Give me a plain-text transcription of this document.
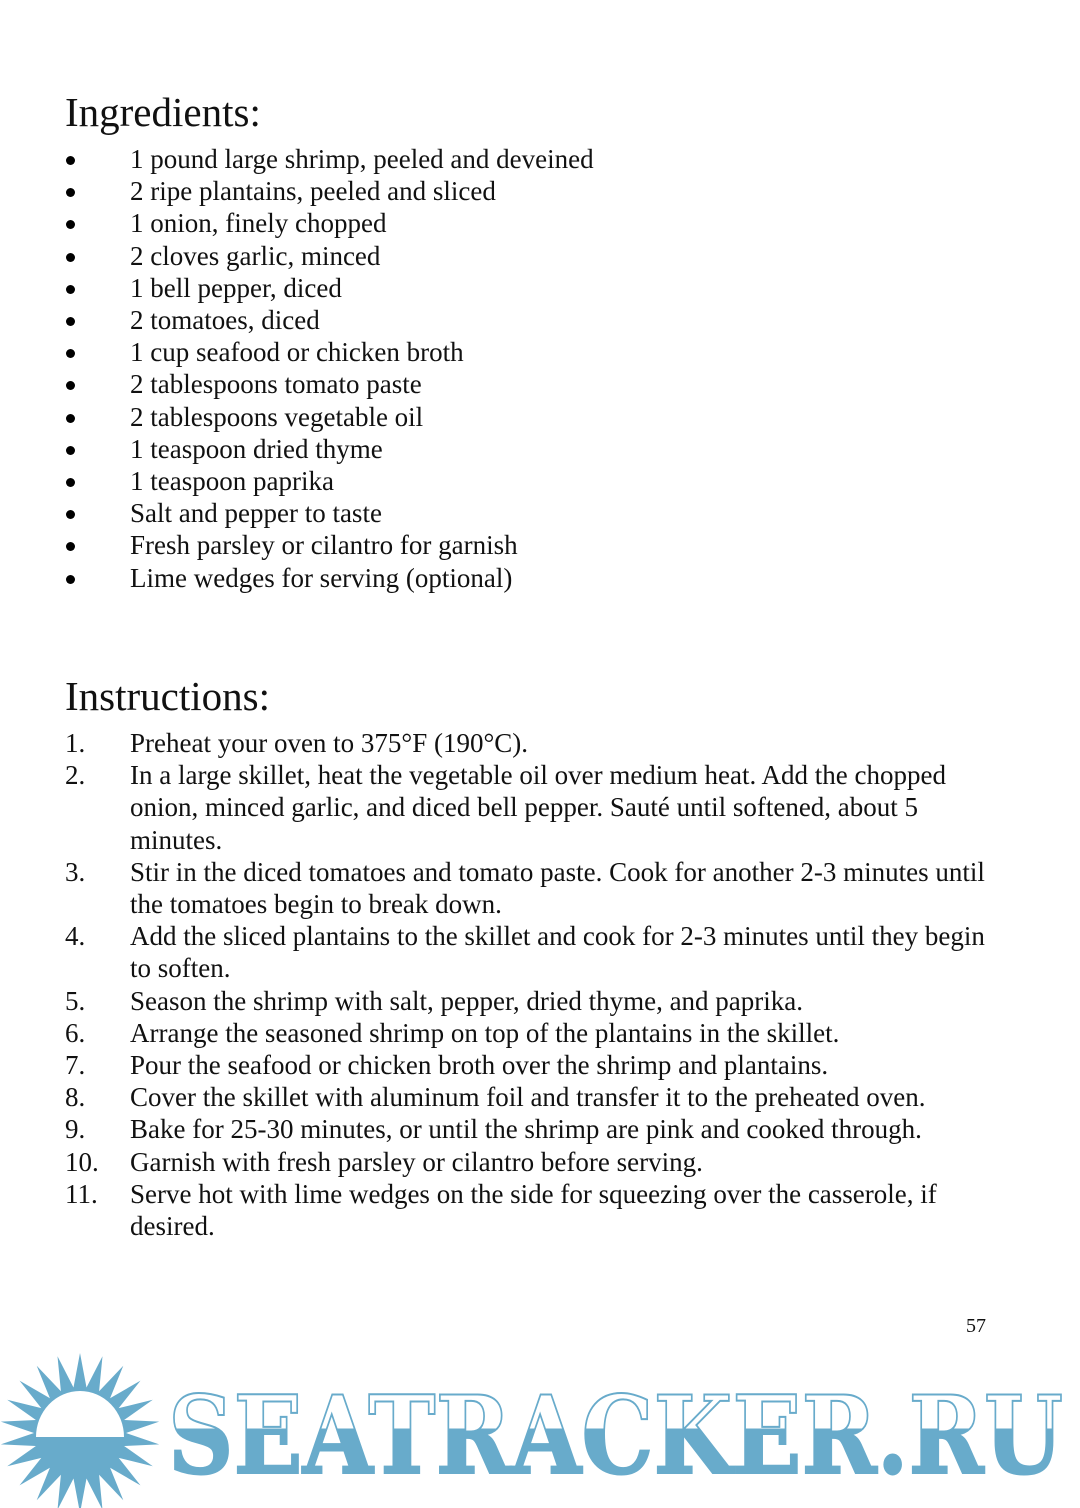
Ingredients:
1 pound large shrimp, peeled and deveined
2 ripe plantains, peeled and sliced
1 onion, finely chopped
2 cloves garlic, minced
1 bell pepper, diced
2 tomatoes, diced
1 cup seafood or chicken broth
2 tablespoons tomato paste
2 tablespoons vegetable oil
1 teaspoon dried thyme
1 teaspoon paprika
Salt and pepper to taste
Fresh parsley or cilantro for garnish
Lime wedges for serving (optional)
Instructions:
1. Preheat your oven to 375°F (190°C).
2. In a large skillet, heat the vegetable oil over medium heat. Add the chopped onion, minced garlic, and diced bell pepper. Sauté until softened, about 5 minutes.
3. Stir in the diced tomatoes and tomato paste. Cook for another 2-3 minutes until the tomatoes begin to break down.
4. Add the sliced plantains to the skillet and cook for 2-3 minutes until they begin to soften.
5. Season the shrimp with salt, pepper, dried thyme, and paprika.
6. Arrange the seasoned shrimp on top of the plantains in the skillet.
7. Pour the seafood or chicken broth over the shrimp and plantains.
8. Cover the skillet with aluminum foil and transfer it to the preheated oven.
9. Bake for 25-30 minutes, or until the shrimp are pink and cooked through.
10. Garnish with fresh parsley or cilantro before serving.
11. Serve hot with lime wedges on the side for squeezing over the casserole, if desired.
SEATRACKER.RU
57
